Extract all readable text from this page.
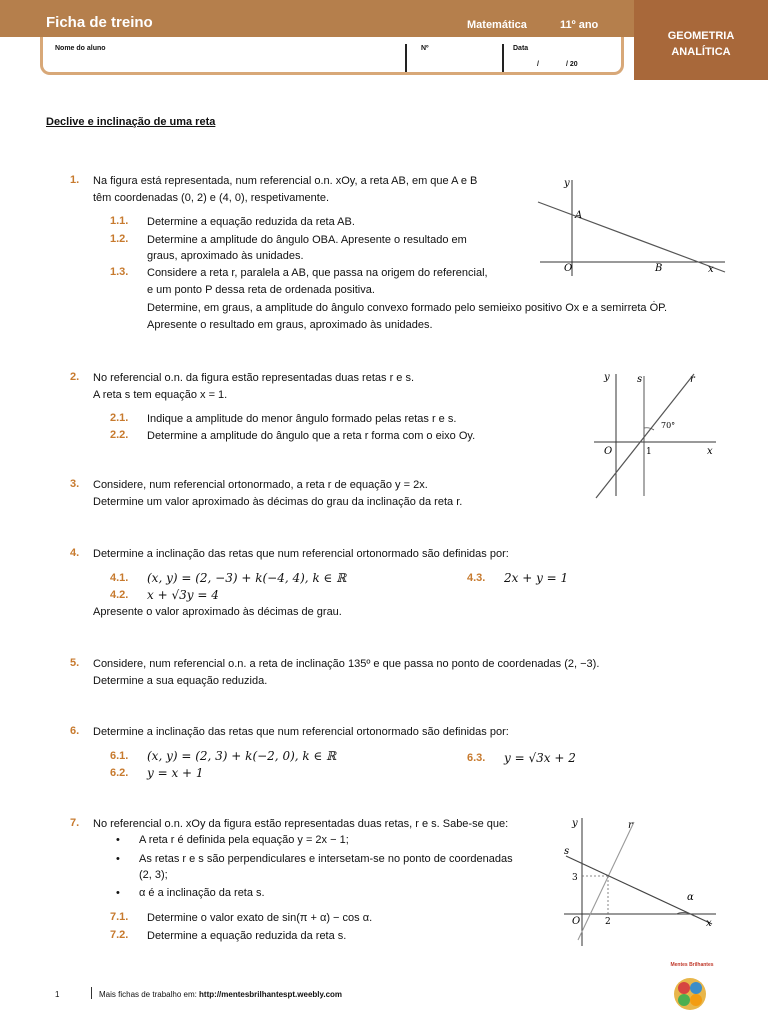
GEOMETRIA
ANALÍTICA
Ficha de treino	Matemática	11º ano
Nome do aluno	Nº	Data
/	/ 20
Declive e inclinação de uma reta
1. Na figura está representada, num referencial o.n. xOy, a reta AB, em que A e B
têm coordenadas (0, 2) e (4, 0), respetivamente.
1.1. Determine a equação reduzida da reta AB.
1.2. Determine a amplitude do ângulo OBA. Apresente o resultado em
graus, aproximado às unidades.
1.3. Considere a reta r, paralela a AB, que passa na origem do referencial,
e um ponto P dessa reta de ordenada positiva.
Determine, em graus, a amplitude do ângulo convexo formado pelo semieixo positivo Ox e a semirreta ȮP.
Apresente o resultado em graus, aproximado às unidades.
y
x
O
A
B
2. No referencial o.n. da figura estão representadas duas retas r e s.
A reta s tem equação x = 1.
2.1. Indique a amplitude do menor ângulo formado pelas retas r e s.
2.2. Determine a amplitude do ângulo que a reta r forma com o eixo Oy.
y
x
s	r
O	1
70°
3. Considere, num referencial ortonormado, a reta r de equação y = 2x.
Determine um valor aproximado às décimas do grau da inclinação da reta r.
4. Determine a inclinação das retas que num referencial ortonormado são definidas por:
4.1. (x, y) = (2, −3) + k(−4, 4), k ∈ ℝ	4.3. 2x + y = 1
4.2. x + √3y = 4
Apresente o valor aproximado às décimas de grau.
5. Considere, num referencial o.n. a reta de inclinação 135º e que passa no ponto de coordenadas (2, −3).
Determine a sua equação reduzida.
6. Determine a inclinação das retas que num referencial ortonormado são definidas por:
6.1. (x, y) = (2, 3) + k(−2, 0), k ∈ ℝ	6.3. y = √3x + 2
6.2. y = x + 1
7. No referencial o.n. xOy da figura estão representadas duas retas, r e s. Sabe-se que:
• A reta r é definida pela equação y = 2x − 1;
• As retas r e s são perpendiculares e intersetam-se no ponto de coordenadas
(2, 3);
• α é a inclinação da reta s.
7.1. Determine o valor exato de sin(π + α) − cos α.
7.2. Determine a equação reduzida da reta s.
y
x
s
r
O
3
2
α
1	Mais fichas de trabalho em: http://mentesbrilhantespt.weebly.com
Mentes Brilhantes
